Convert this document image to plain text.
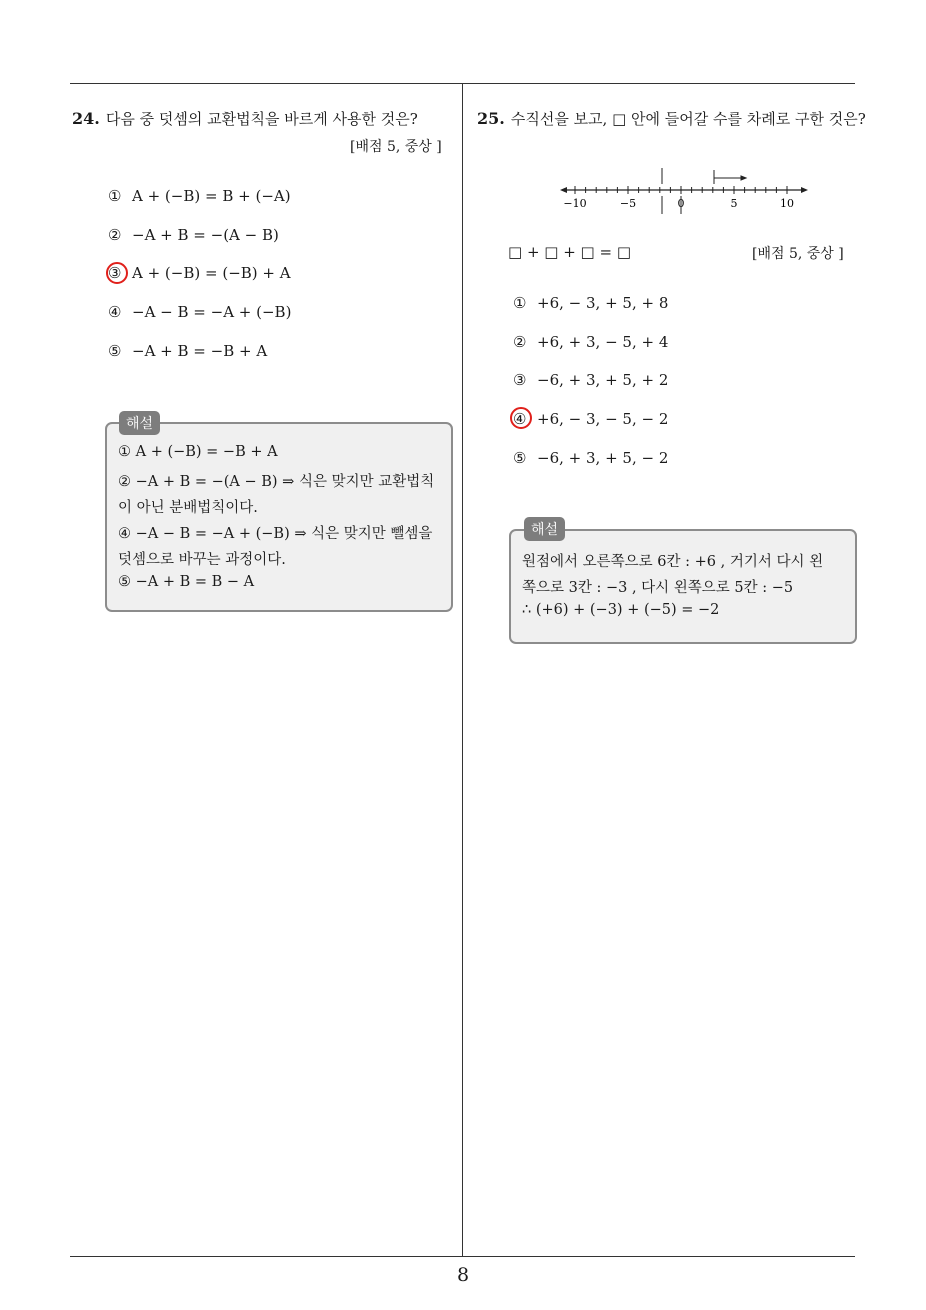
24. 다음 중 덧셈의 교환법칙을 바르게 사용한 것은?
[배점 5, 중상 ]
① A + (−B) = B + (−A)
② −A + B = −(A − B)
③ A + (−B) = (−B) + A
④ −A − B = −A + (−B)
⑤ −A + B = −B + A
해설
① A + (−B) = −B + A
② −A + B = −(A − B) ⇒ 식은 맞지만 교환법칙
이 아닌 분배법칙이다.
④ −A − B = −A + (−B) ⇒ 식은 맞지만 뺄셈을
덧셈으로 바꾸는 과정이다.
⑤ −A + B = B − A
25. 수직선을 보고, □ 안에 들어갈 수를 차례로 구한 것은?
−10	−5	0	5	10
□ + □ + □ = □	[배점 5, 중상 ]
① +6, − 3, + 5, + 8
② +6, + 3, − 5, + 4
③ −6, + 3, + 5, + 2
④ +6, − 3, − 5, − 2
⑤ −6, + 3, + 5, − 2
해설
원점에서 오른쪽으로 6칸 : +6 , 거기서 다시 왼
쪽으로 3칸 : −3 , 다시 왼쪽으로 5칸 : −5
∴ (+6) + (−3) + (−5) = −2
8
